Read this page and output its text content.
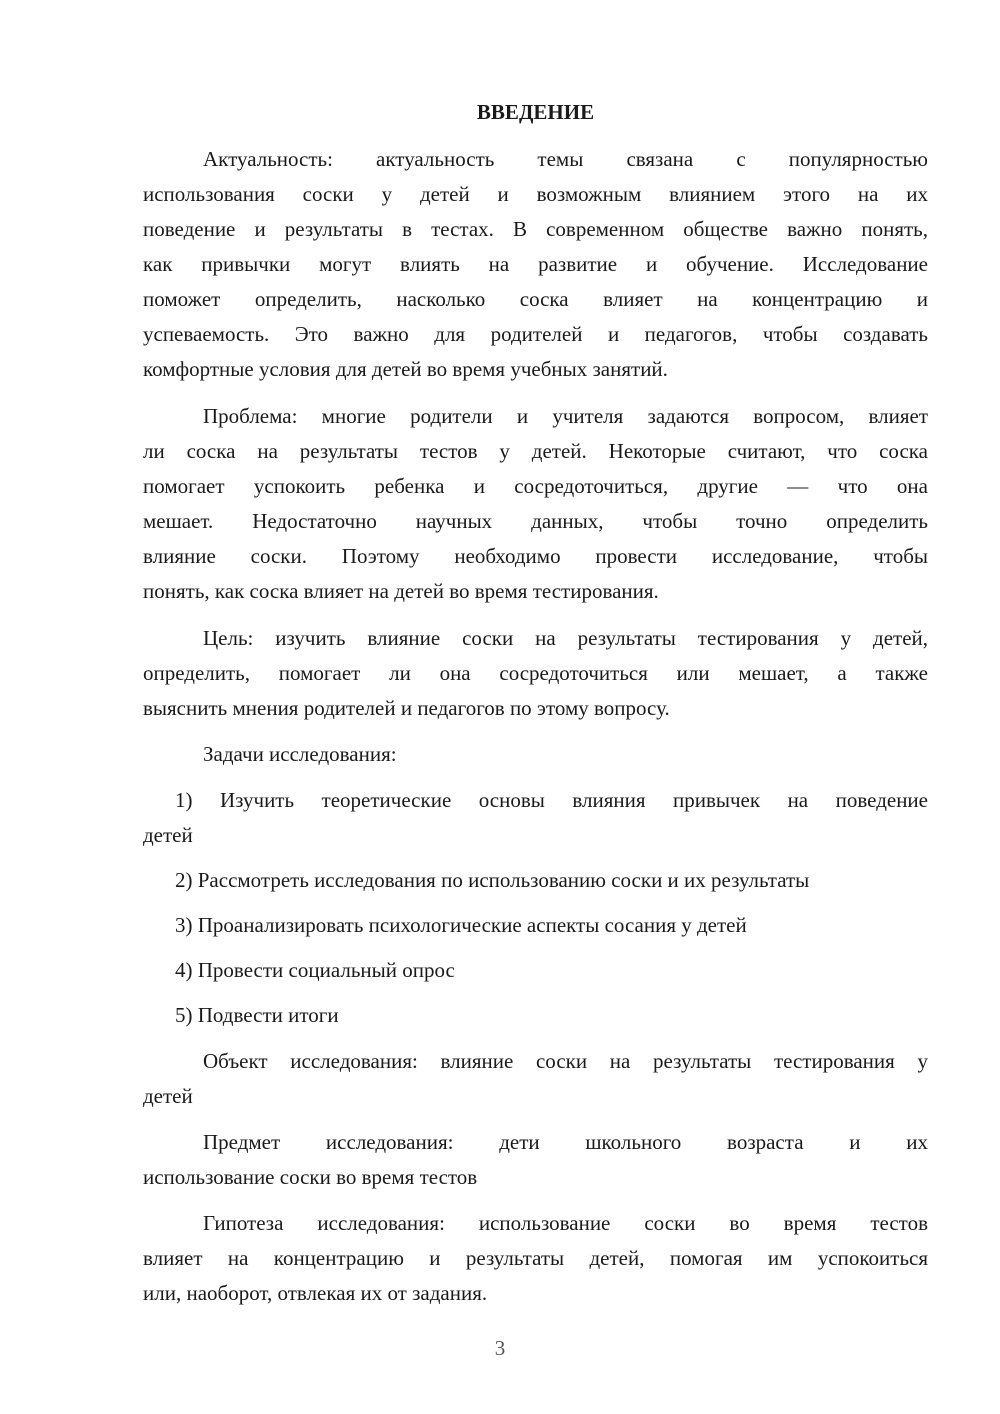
ВВЕДЕНИЕ
Актуальность: актуальность темы связана с популярностью
использования соски у детей и возможным влиянием этого на их
поведение и результаты в тестах. В современном обществе важно понять,
как привычки могут влиять на развитие и обучение. Исследование
поможет определить, насколько соска влияет на концентрацию и
успеваемость. Это важно для родителей и педагогов, чтобы создавать
комфортные условия для детей во время учебных занятий.
Проблема: многие родители и учителя задаются вопросом, влияет
ли соска на результаты тестов у детей. Некоторые считают, что соска
помогает успокоить ребенка и сосредоточиться, другие — что она
мешает. Недостаточно научных данных, чтобы точно определить
влияние соски. Поэтому необходимо провести исследование, чтобы
понять, как соска влияет на детей во время тестирования.
Цель: изучить влияние соски на результаты тестирования у детей,
определить, помогает ли она сосредоточиться или мешает, а также
выяснить мнения родителей и педагогов по этому вопросу.
Задачи исследования:
1) Изучить теоретические основы влияния привычек на поведение
детей
2) Рассмотреть исследования по использованию соски и их результаты
3) Проанализировать психологические аспекты сосания у детей
4) Провести социальный опрос
5) Подвести итоги
Объект исследования: влияние соски на результаты тестирования у
детей
Предмет исследования: дети школьного возраста и их
использование соски во время тестов
Гипотеза исследования: использование соски во время тестов
влияет на концентрацию и результаты детей, помогая им успокоиться
или, наоборот, отвлекая их от задания.
3
